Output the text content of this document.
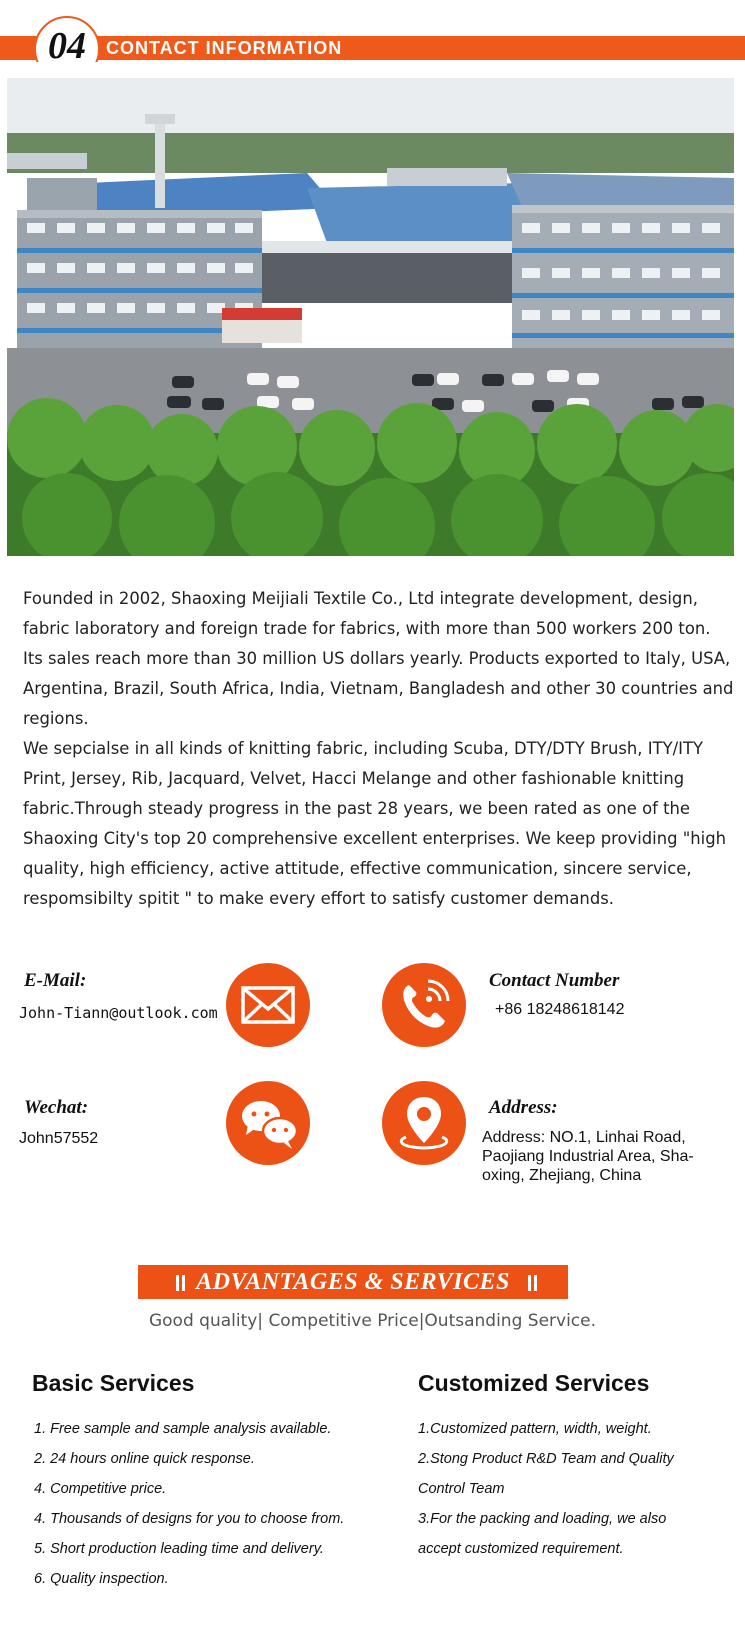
04	CONTACT INFORMATION

Founded in 2002, Shaoxing Meijiali Textile Co., Ltd integrate development, design, fabric laboratory and foreign trade for fabrics, with more than 500 workers 200 ton. Its sales reach more than 30 million US dollars yearly. Products exported to Italy, USA, Argentina, Brazil, South Africa, India, Vietnam, Bangladesh and other 30 countries and regions.

We sepcialse in all kinds of knitting fabric, including Scuba, DTY/DTY Brush, ITY/ITY Print, Jersey, Rib, Jacquard, Velvet, Hacci Melange and other fashionable knitting fabric.Through steady progress in the past 28 years, we been rated as one of the Shaoxing City's top 20 comprehensive excellent enterprises. We keep providing "high quality, high efficiency, active attitude, effective communication, sincere service, respomsibilty spitit " to make every effort to satisfy customer demands.

E-Mail:
John-Tiann@outlook.com
Contact Number
+86 18248618142
Wechat:
John57552
Address:
Address: NO.1, Linhai Road,
Paojiang Industrial Area, Sha-
oxing, Zhejiang, China
ADVANTAGES & SERVICES
Good quality| Competitive Price|Outsanding Service.
Basic Services
1. Free sample and sample analysis available.
2. 24 hours online quick response.
4. Competitive price.
4. Thousands of designs for you to choose from.
5. Short production leading time and delivery.
6. Quality inspection.
Customized Services
1.Customized pattern, width, weight.
2.Stong Product R&D Team and Quality
Control Team
3.For the packing and loading, we also
accept customized requirement.
